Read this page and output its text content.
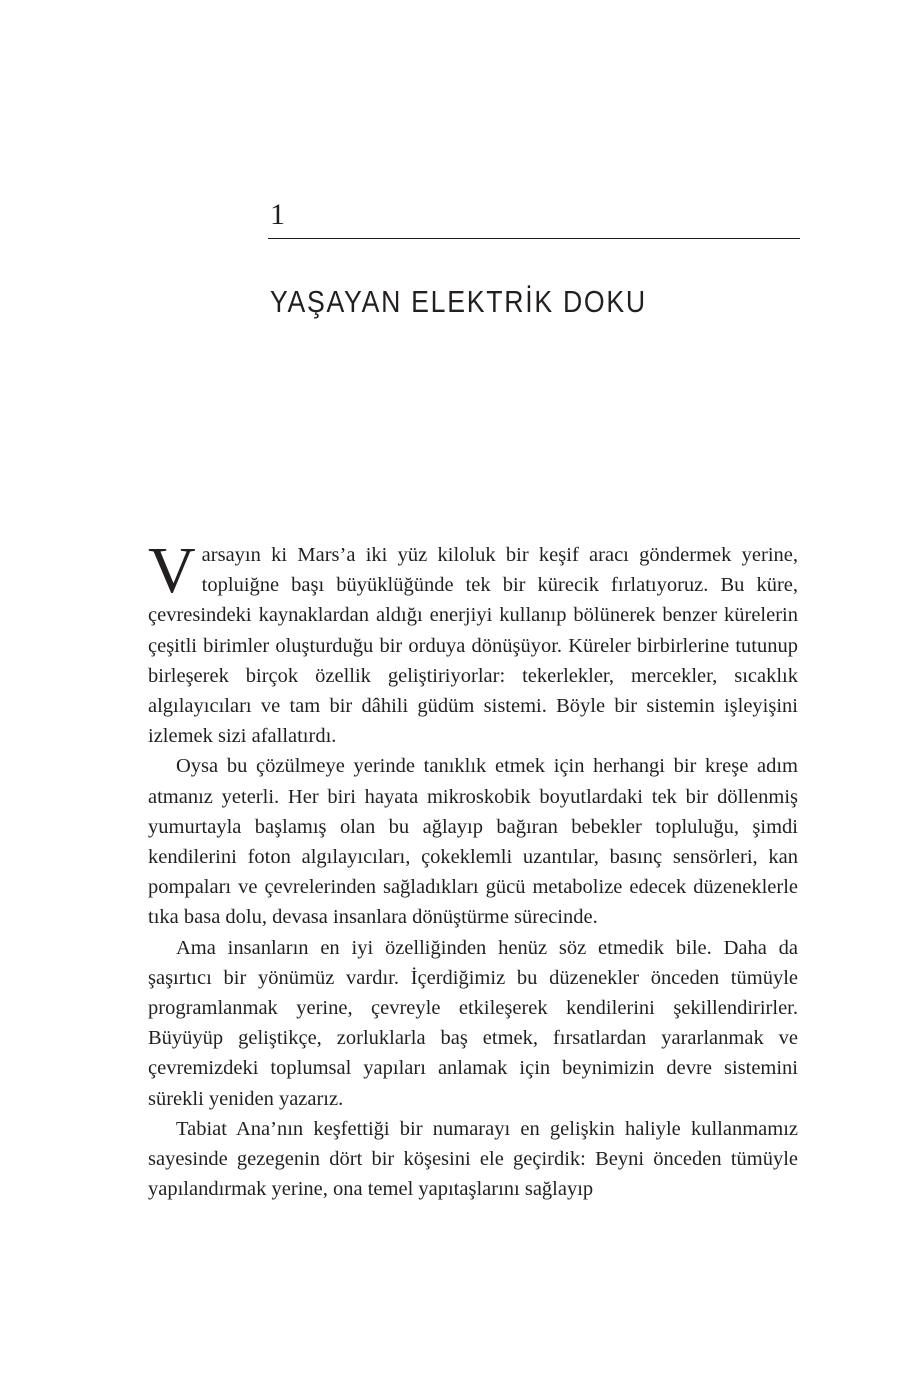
1
YAŞAYAN ELEKTRİK DOKU

Varsayın ki Mars’a iki yüz kiloluk bir keşif aracı göndermek yerine, topluiğne başı büyüklüğünde tek bir kürecik fırlatıyoruz. Bu küre, çevresindeki kaynaklardan aldığı enerjiyi kullanıp bölünerek benzer kürelerin çeşitli birimler oluşturduğu bir orduya dönüşüyor. Küreler birbirlerine tutunup birleşerek birçok özellik geliştiriyorlar: tekerlekler, mercekler, sıcaklık algılayıcıları ve tam bir dâhili güdüm sistemi. Böyle bir sistemin işleyişini izlemek sizi afallatırdı.

Oysa bu çözülmeye yerinde tanıklık etmek için herhangi bir kreşe adım atmanız yeterli. Her biri hayata mikroskobik boyutlardaki tek bir döllenmiş yumurtayla başlamış olan bu ağlayıp bağıran bebekler topluluğu, şimdi kendilerini foton algılayıcıları, çokeklemli uzantılar, basınç sensörleri, kan pompaları ve çevrelerinden sağladıkları gücü metabolize edecek düzeneklerle tıka basa dolu, devasa insanlara dönüştürme sürecinde.

Ama insanların en iyi özelliğinden henüz söz etmedik bile. Daha da şaşırtıcı bir yönümüz vardır. İçerdiğimiz bu düzenekler önceden tümüyle programlanmak yerine, çevreyle etkileşerek kendilerini şekillendirirler. Büyüyüp geliştikçe, zorluklarla baş etmek, fırsatlardan yararlanmak ve çevremizdeki toplumsal yapıları anlamak için beynimizin devre sistemini sürekli yeniden yazarız.

Tabiat Ana’nın keşfettiği bir numarayı en gelişkin haliyle kullanmamız sayesinde gezegenin dört bir köşesini ele geçirdik: Beyni önceden tümüyle yapılandırmak yerine, ona temel yapıtaşlarını sağlayıp
